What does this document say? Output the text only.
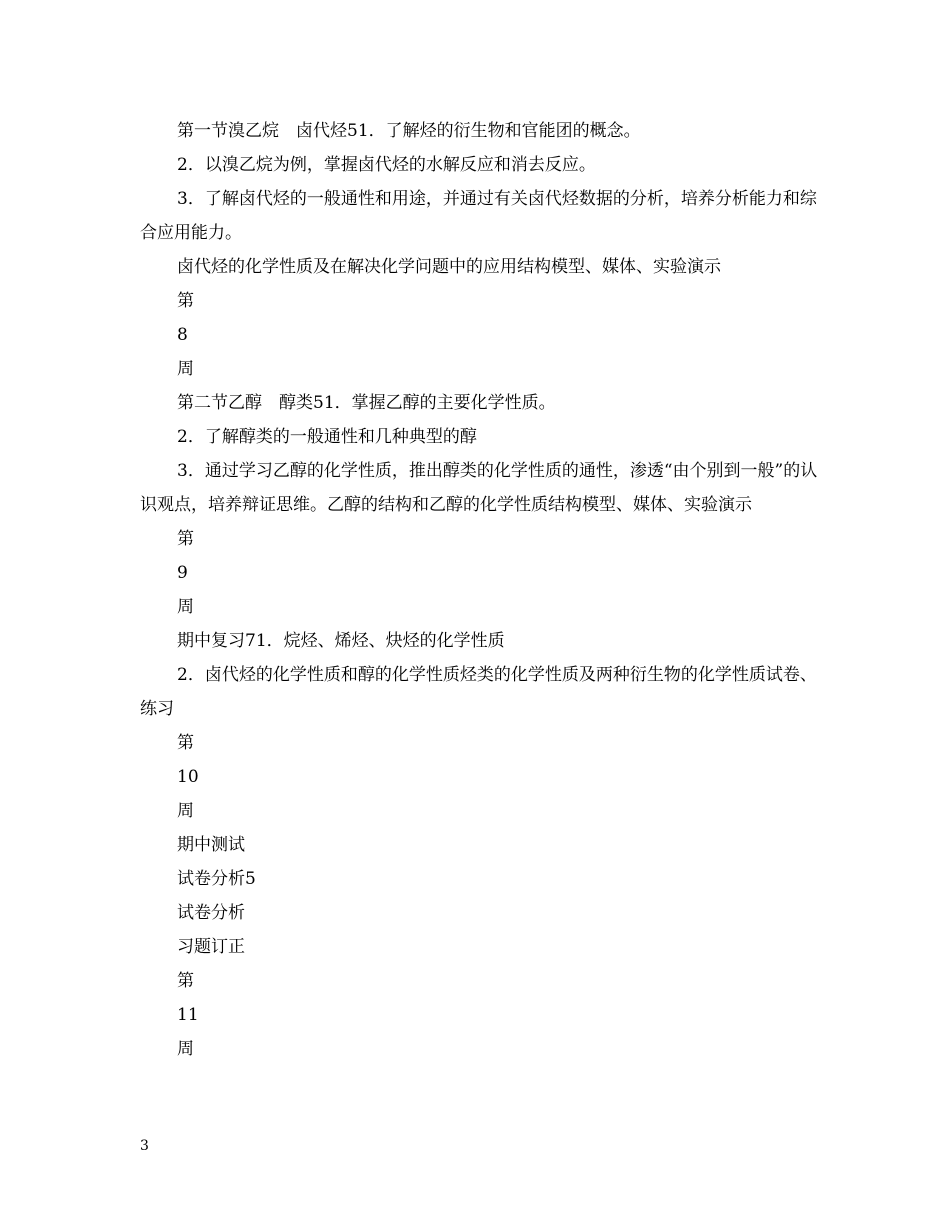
第一节溴乙烷　卤代烃51．了解烃的衍生物和官能团的概念。

2．以溴乙烷为例，掌握卤代烃的水解反应和消去反应。

3．了解卤代烃的一般通性和用途，并通过有关卤代烃数据的分析，培养分析能力和综合应用能力。

卤代烃的化学性质及在解决化学问题中的应用结构模型、媒体、实验演示

第

8

周

第二节乙醇　醇类51．掌握乙醇的主要化学性质。

2．了解醇类的一般通性和几种典型的醇

3．通过学习乙醇的化学性质，推出醇类的化学性质的通性，渗透“由个别到一般”的认识观点，培养辩证思维。乙醇的结构和乙醇的化学性质结构模型、媒体、实验演示

第

9

周

期中复习71．烷烃、烯烃、炔烃的化学性质

2．卤代烃的化学性质和醇的化学性质烃类的化学性质及两种衍生物的化学性质试卷、练习

第

10

周

期中测试

试卷分析5

试卷分析

习题订正

第

11

周

3
